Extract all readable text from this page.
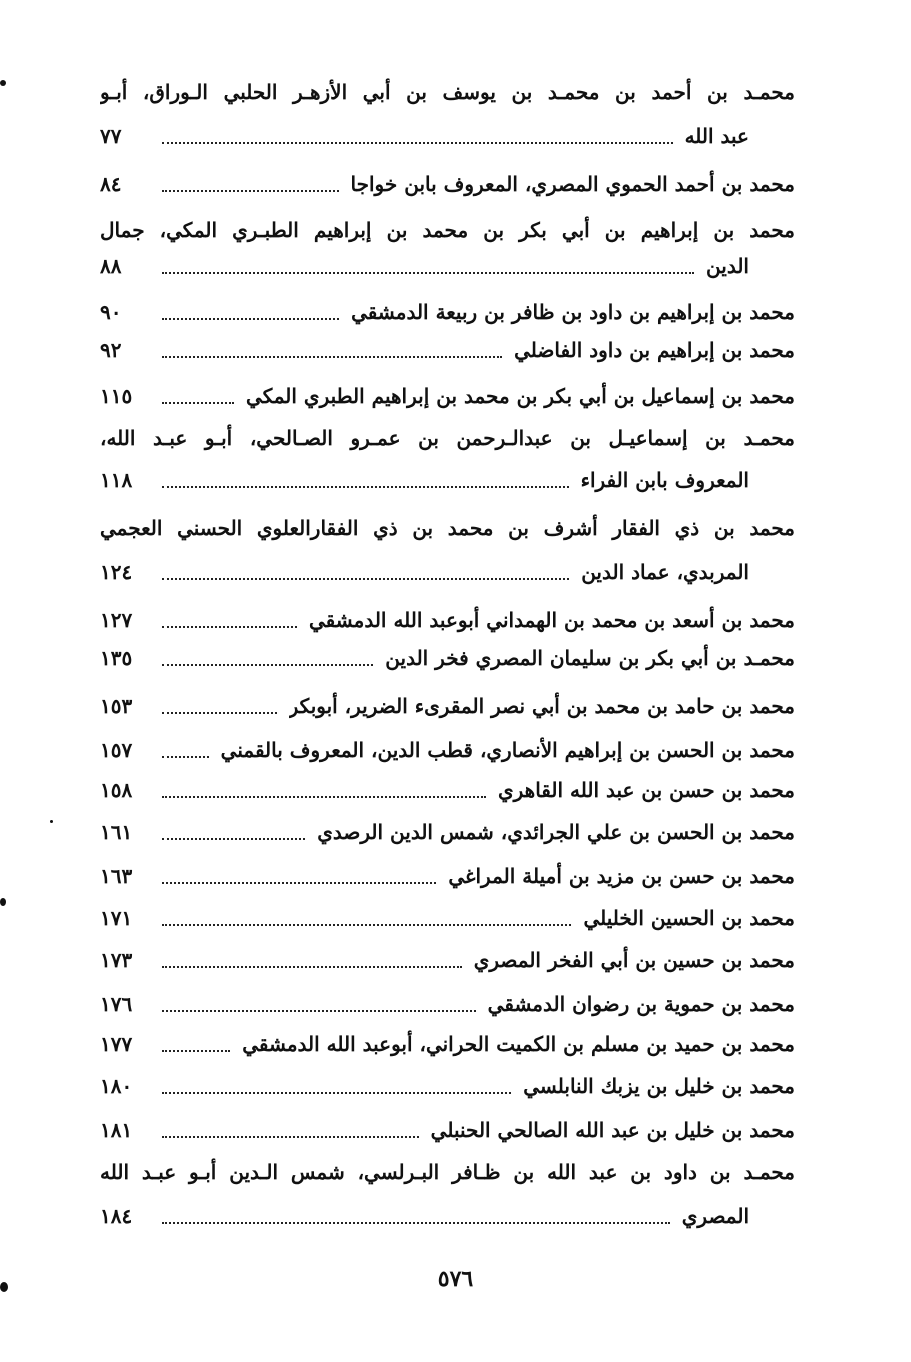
محمـد بن أحمد بن محمـد بن يوسف بن أبي الأزهـر الحلبي الـوراق، أبـو
عبد الله
٧٧
محمد بن أحمد الحموي المصري، المعروف بابن خواجا
٨٤
محمد بن إبراهيم بن أبي بكر بن محمد بن إبراهيم الطبـري المكي، جمال
الدين
٨٨
محمد بن إبراهيم بن داود بن ظافر بن ربيعة الدمشقي
٩٠
محمد بن إبراهيم بن داود الفاضلي
٩٢
محمد بن إسماعيل بن أبي بكر بن محمد بن إبراهيم الطبري المكي
١١٥
محمـد بن إسماعيـل بن عبدالـرحمن بن عمـرو الصـالحي، أبـو عبـد الله،
المعروف بابن الفراء
١١٨
محمد بن ذي الفقار أشرف بن محمد بن ذي الفقارالعلوي الحسني العجمي
المربدي، عماد الدين
١٢٤
محمد بن أسعد بن محمد بن الهمداني أبوعبد الله الدمشقي
١٢٧
محمـد بن أبي بكر بن سليمان المصري فخر الدين
١٣٥
محمد بن حامد بن محمد بن أبي نصر المقرىء الضرير، أبوبكر
١٥٣
محمد بن الحسن بن إبراهيم الأنصاري، قطب الدين، المعروف بالقمني
١٥٧
محمد بن حسن بن عبد الله القاهري
١٥٨
محمد بن الحسن بن علي الجرائدي، شمس الدين الرصدي
١٦١
محمد بن حسن بن مزيد بن أميلة المراغي
١٦٣
محمد بن الحسين الخليلي
١٧١
محمد بن حسين بن أبي الفخر المصري
١٧٣
محمد بن حموية بن رضوان الدمشقي
١٧٦
محمد بن حميد بن مسلم بن الكميت الحراني، أبوعبد الله الدمشقي
١٧٧
محمد بن خليل بن يزبك النابلسي
١٨٠
محمد بن خليل بن عبد الله الصالحي الحنبلي
١٨١
محمـد بن داود بن عبد الله بن ظـافر البـرلسي، شمس الـدين أبـو عبـد الله
المصري
١٨٤
٥٧٦
